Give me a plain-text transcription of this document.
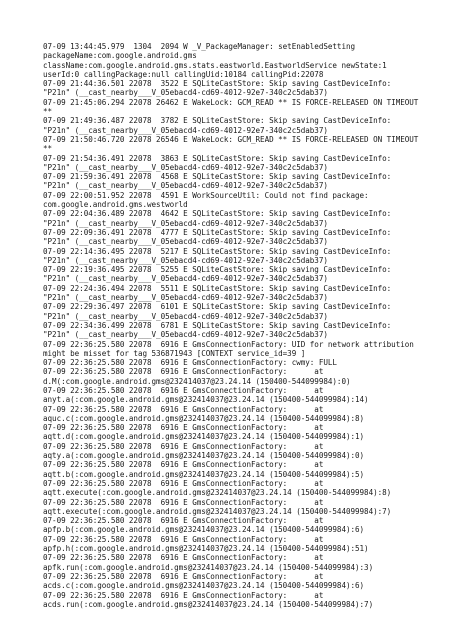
07-09 13:44:45.979  1304  2094 W _V_PackageManager: setEnabledSetting
packageName:com.google.android.gms
className:com.google.android.gms.stats.eastworld.EastworldService newState:1
userId:0 callingPackage:null callingUid:10184 callingPid:22078
07-09 21:44:36.501 22078  3522 E SQLiteCastStore: Skip saving CastDeviceInfo:
"P21n" (__cast_nearby___V_05ebacd4-cd69-4012-92e7-340c2c5dab37)
07-09 21:45:06.294 22078 26462 E WakeLock: GCM_READ ** IS FORCE-RELEASED ON TIMEOUT
**
07-09 21:49:36.487 22078  3782 E SQLiteCastStore: Skip saving CastDeviceInfo:
"P21n" (__cast_nearby___V_05ebacd4-cd69-4012-92e7-340c2c5dab37)
07-09 21:50:46.720 22078 26546 E WakeLock: GCM_READ ** IS FORCE-RELEASED ON TIMEOUT
**
07-09 21:54:36.491 22078  3863 E SQLiteCastStore: Skip saving CastDeviceInfo:
"P21n" (__cast_nearby___V_05ebacd4-cd69-4012-92e7-340c2c5dab37)
07-09 21:59:36.491 22078  4568 E SQLiteCastStore: Skip saving CastDeviceInfo:
"P21n" (__cast_nearby___V_05ebacd4-cd69-4012-92e7-340c2c5dab37)
07-09 22:00:51.952 22078  4591 E WorkSourceUtil: Could not find package:
com.google.android.gms.westworld
07-09 22:04:36.489 22078  4642 E SQLiteCastStore: Skip saving CastDeviceInfo:
"P21n" (__cast_nearby___V_05ebacd4-cd69-4012-92e7-340c2c5dab37)
07-09 22:09:36.491 22078  4777 E SQLiteCastStore: Skip saving CastDeviceInfo:
"P21n" (__cast_nearby___V_05ebacd4-cd69-4012-92e7-340c2c5dab37)
07-09 22:14:36.495 22078  5217 E SQLiteCastStore: Skip saving CastDeviceInfo:
"P21n" (__cast_nearby___V_05ebacd4-cd69-4012-92e7-340c2c5dab37)
07-09 22:19:36.495 22078  5255 E SQLiteCastStore: Skip saving CastDeviceInfo:
"P21n" (__cast_nearby___V_05ebacd4-cd69-4012-92e7-340c2c5dab37)
07-09 22:24:36.494 22078  5511 E SQLiteCastStore: Skip saving CastDeviceInfo:
"P21n" (__cast_nearby___V_05ebacd4-cd69-4012-92e7-340c2c5dab37)
07-09 22:29:36.497 22078  6101 E SQLiteCastStore: Skip saving CastDeviceInfo:
"P21n" (__cast_nearby___V_05ebacd4-cd69-4012-92e7-340c2c5dab37)
07-09 22:34:36.499 22078  6781 E SQLiteCastStore: Skip saving CastDeviceInfo:
"P21n" (__cast_nearby___V_05ebacd4-cd69-4012-92e7-340c2c5dab37)
07-09 22:36:25.580 22078  6916 E GmsConnectionFactory: UID for network attribution
might be misset for tag 536871943 [CONTEXT service_id=39 ]
07-09 22:36:25.580 22078  6916 E GmsConnectionFactory: cwmy: FULL
07-09 22:36:25.580 22078  6916 E GmsConnectionFactory:      at
d.M(:com.google.android.gms@232414037@23.24.14 (150400-544099984):0)
07-09 22:36:25.580 22078  6916 E GmsConnectionFactory:      at
anyt.a(:com.google.android.gms@232414037@23.24.14 (150400-544099984):14)
07-09 22:36:25.580 22078  6916 E GmsConnectionFactory:      at
aquc.c(:com.google.android.gms@232414037@23.24.14 (150400-544099984):8)
07-09 22:36:25.580 22078  6916 E GmsConnectionFactory:      at
aqtt.d(:com.google.android.gms@232414037@23.24.14 (150400-544099984):1)
07-09 22:36:25.580 22078  6916 E GmsConnectionFactory:      at
aqty.a(:com.google.android.gms@232414037@23.24.14 (150400-544099984):0)
07-09 22:36:25.580 22078  6916 E GmsConnectionFactory:      at
aqtt.b(:com.google.android.gms@232414037@23.24.14 (150400-544099984):5)
07-09 22:36:25.580 22078  6916 E GmsConnectionFactory:      at
aqtt.execute(:com.google.android.gms@232414037@23.24.14 (150400-544099984):8)
07-09 22:36:25.580 22078  6916 E GmsConnectionFactory:      at
aqtt.execute(:com.google.android.gms@232414037@23.24.14 (150400-544099984):7)
07-09 22:36:25.580 22078  6916 E GmsConnectionFactory:      at
apfp.b(:com.google.android.gms@232414037@23.24.14 (150400-544099984):6)
07-09 22:36:25.580 22078  6916 E GmsConnectionFactory:      at
apfp.h(:com.google.android.gms@232414037@23.24.14 (150400-544099984):51)
07-09 22:36:25.580 22078  6916 E GmsConnectionFactory:      at
apfk.run(:com.google.android.gms@232414037@23.24.14 (150400-544099984):3)
07-09 22:36:25.580 22078  6916 E GmsConnectionFactory:      at
acds.c(:com.google.android.gms@232414037@23.24.14 (150400-544099984):6)
07-09 22:36:25.580 22078  6916 E GmsConnectionFactory:      at
acds.run(:com.google.android.gms@232414037@23.24.14 (150400-544099984):7)
